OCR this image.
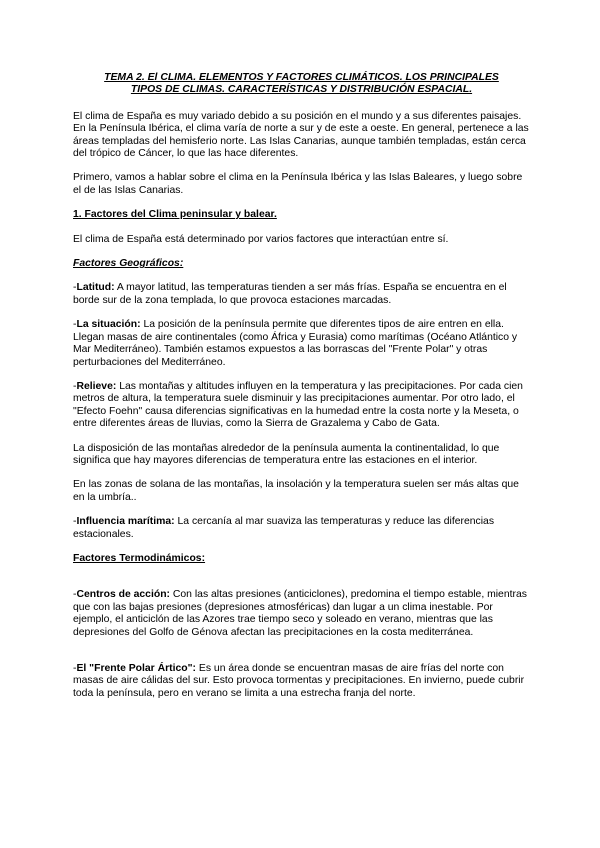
TEMA 2. El CLIMA. ELEMENTOS Y FACTORES CLIMÁTICOS. LOS PRINCIPALES
TIPOS DE CLIMAS. CARACTERÍSTICAS Y DISTRIBUCIÓN ESPACIAL.

El clima de España es muy variado debido a su posición en el mundo y a sus diferentes paisajes. En la Península Ibérica, el clima varía de norte a sur y de este a oeste. En general, pertenece a las áreas templadas del hemisferio norte. Las Islas Canarias, aunque también templadas, están cerca del trópico de Cáncer, lo que las hace diferentes.

Primero, vamos a hablar sobre el clima en la Península Ibérica y las Islas Baleares, y luego sobre el de las Islas Canarias.

1. Factores del Clima peninsular y balear.

El clima de España está determinado por varios factores que interactúan entre sí.

Factores Geográficos:

-Latitud: A mayor latitud, las temperaturas tienden a ser más frías. España se encuentra en el borde sur de la zona templada, lo que provoca estaciones marcadas.

-La situación: La posición de la península permite que diferentes tipos de aire entren en ella. Llegan masas de aire continentales (como África y Eurasia) como marítimas (Océano Atlántico y Mar Mediterráneo). También estamos expuestos a las borrascas del "Frente Polar" y otras perturbaciones del Mediterráneo.

-Relieve: Las montañas y altitudes influyen en la temperatura y las precipitaciones. Por cada cien metros de altura, la temperatura suele disminuir y las precipitaciones aumentar. Por otro lado, el "Efecto Foehn" causa diferencias significativas en la humedad entre la costa norte y la Meseta, o entre diferentes áreas de lluvias, como la Sierra de Grazalema y Cabo de Gata.

La disposición de las montañas alrededor de la península aumenta la continentalidad, lo que significa que hay mayores diferencias de temperatura entre las estaciones en el interior.

En las zonas de solana de las montañas, la insolación y la temperatura suelen ser más altas que en la umbría..

-Influencia marítima: La cercanía al mar suaviza las temperaturas y reduce las diferencias estacionales.

Factores Termodinámicos:

-Centros de acción: Con las altas presiones (anticiclones), predomina el tiempo estable, mientras que con las bajas presiones (depresiones atmosféricas) dan lugar a un clima inestable. Por ejemplo, el anticiclón de las Azores trae tiempo seco y soleado en verano, mientras que las depresiones del Golfo de Génova afectan las precipitaciones en la costa mediterránea.

-El "Frente Polar Ártico": Es un área donde se encuentran masas de aire frías del norte con masas de aire cálidas del sur. Esto provoca tormentas y precipitaciones. En invierno, puede cubrir toda la península, pero en verano se limita a una estrecha franja del norte.
